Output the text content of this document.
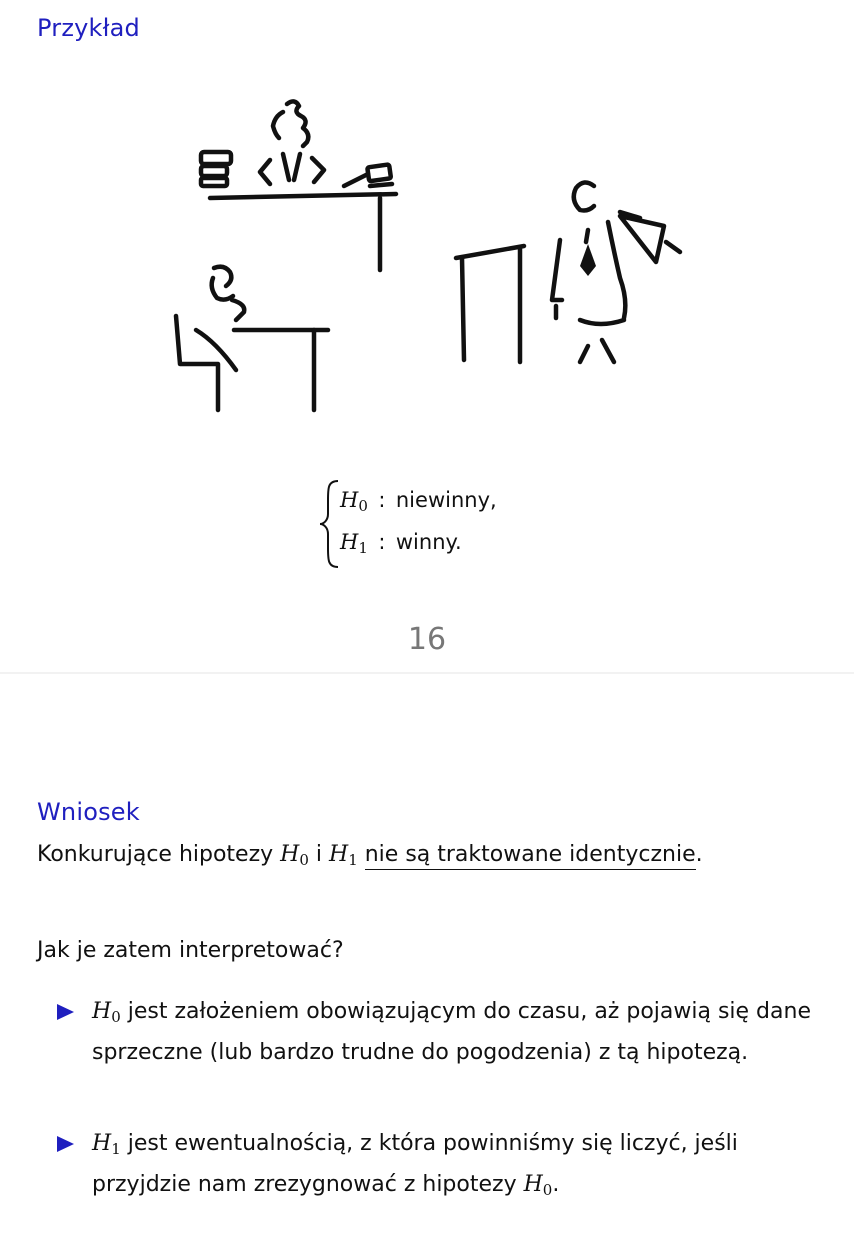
Przykład
$H_0$ : niewinny,
$H_1$ : winny.
16
Wniosek
Konkurujące hipotezy $H_0$ i $H_1$ nie są traktowane identycznie.
Jak je zatem interpretować?
$H_0$ jest założeniem obowiązującym do czasu, aż pojawią się dane sprzeczne (lub bardzo trudne do pogodzenia) z tą hipotezą.
$H_1$ jest ewentualnością, z która powinniśmy się liczyć, jeśli przyjdzie nam zrezygnować z hipotezy $H_0$.
